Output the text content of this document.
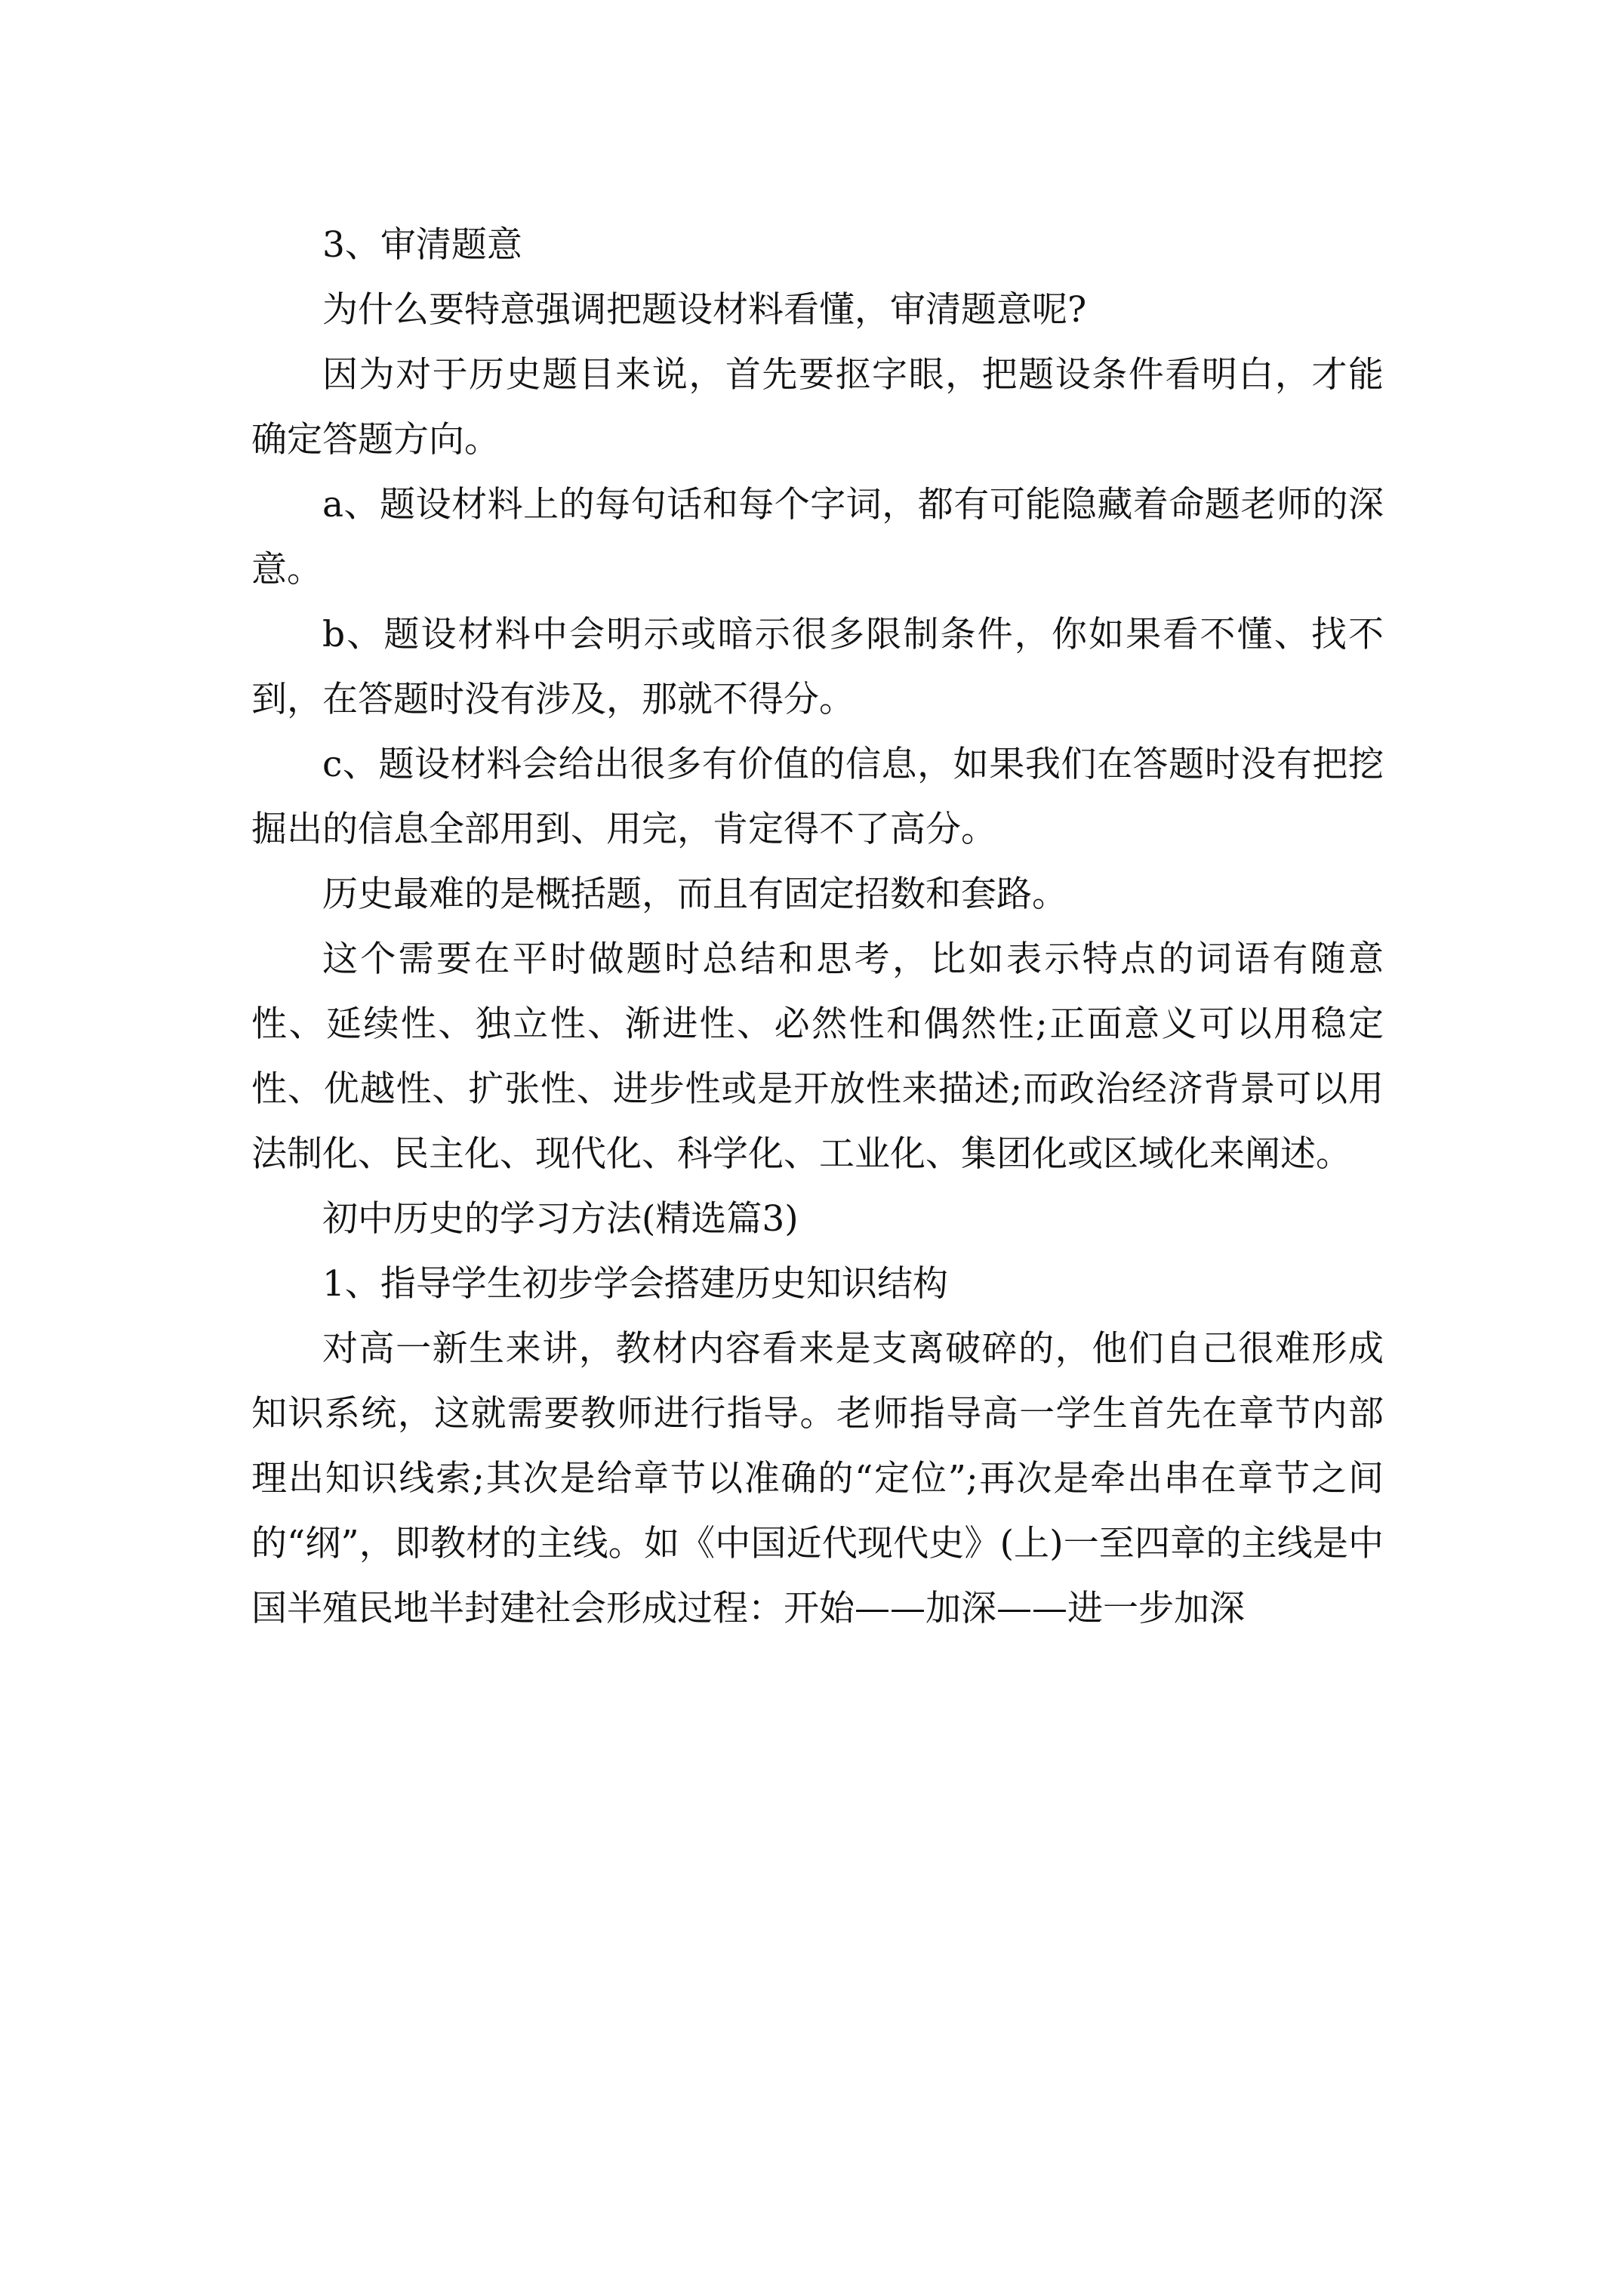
3、审清题意

为什么要特意强调把题设材料看懂，审清题意呢?

因为对于历史题目来说，首先要抠字眼，把题设条件看明白，才能确定答题方向。

a、题设材料上的每句话和每个字词，都有可能隐藏着命题老师的深意。

b、题设材料中会明示或暗示很多限制条件，你如果看不懂、找不到，在答题时没有涉及，那就不得分。

c、题设材料会给出很多有价值的信息，如果我们在答题时没有把挖掘出的信息全部用到、用完，肯定得不了高分。

历史最难的是概括题，而且有固定招数和套路。

这个需要在平时做题时总结和思考，比如表示特点的词语有随意性、延续性、独立性、渐进性、必然性和偶然性;正面意义可以用稳定性、优越性、扩张性、进步性或是开放性来描述;而政治经济背景可以用法制化、民主化、现代化、科学化、工业化、集团化或区域化来阐述。

初中历史的学习方法(精选篇3)

1、指导学生初步学会搭建历史知识结构

对高一新生来讲，教材内容看来是支离破碎的，他们自己很难形成知识系统，这就需要教师进行指导。老师指导高一学生首先在章节内部理出知识线索;其次是给章节以准确的“定位”;再次是牵出串在章节之间的“纲”，即教材的主线。如《中国近代现代史》(上)一至四章的主线是中国半殖民地半封建社会形成过程：开始——加深——进一步加深
